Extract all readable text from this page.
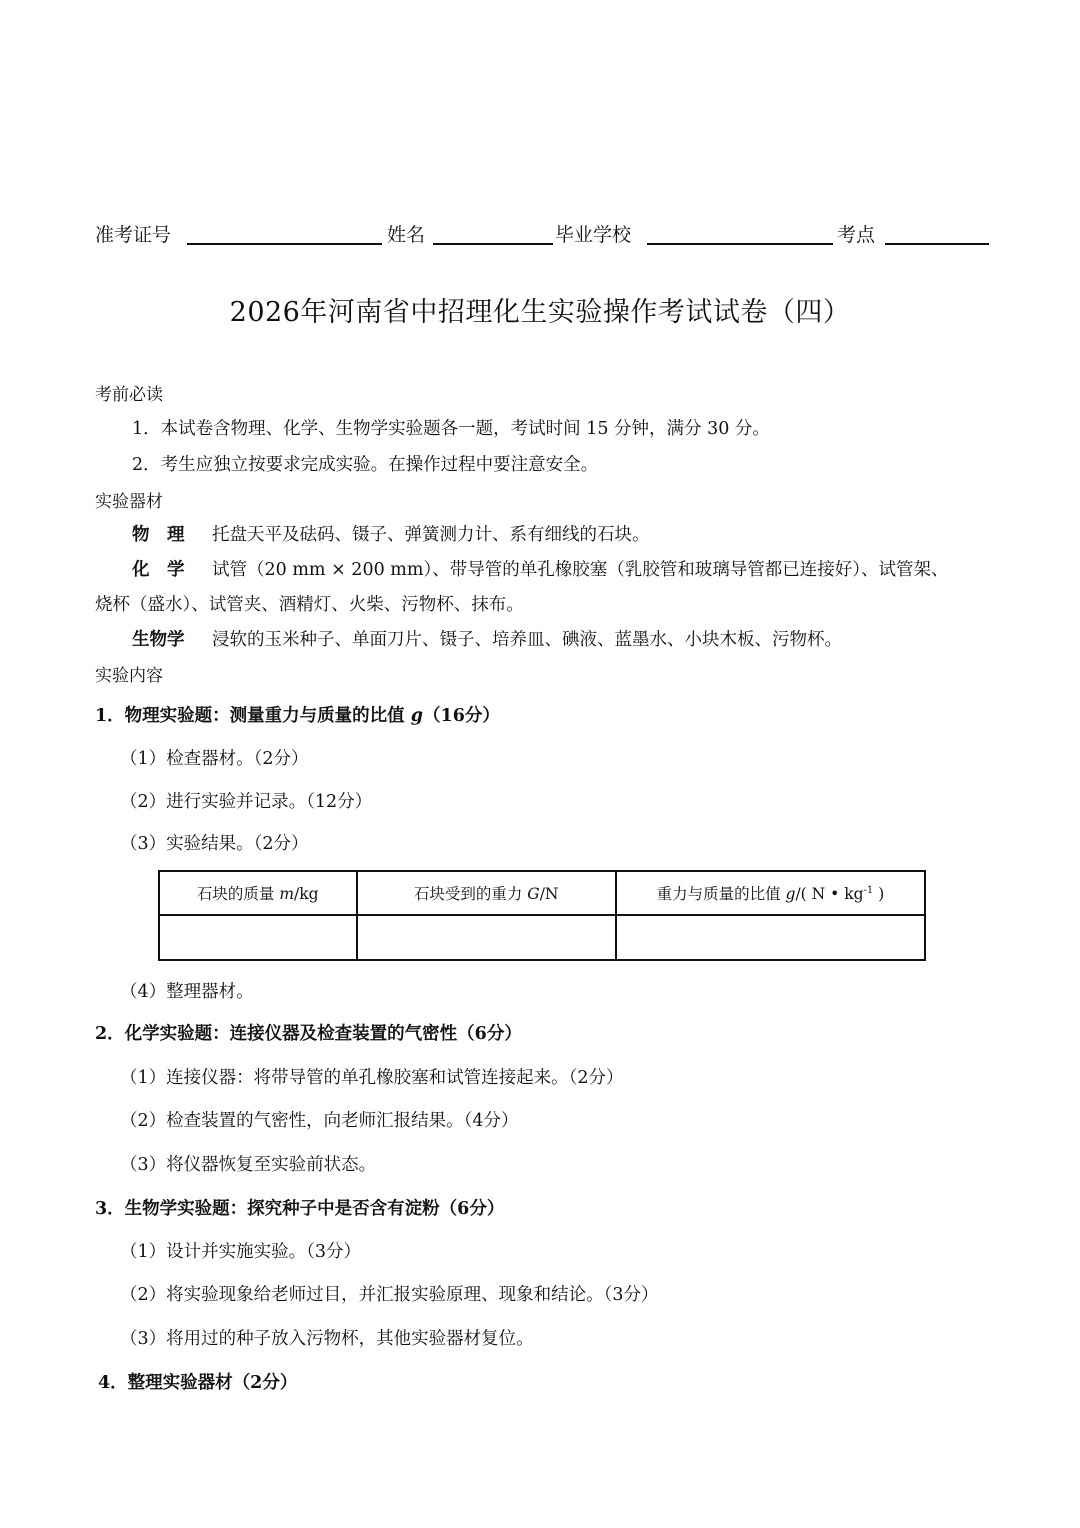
准考证号	姓名	毕业学校	考点
2026年河南省中招理化生实验操作考试试卷（四）
考前必读
1．本试卷含物理、化学、生物学实验题各一题，考试时间 15 分钟，满分 30 分。
2．考生应独立按要求完成实验。在操作过程中要注意安全。
实验器材
物　理 托盘天平及砝码、镊子、弹簧测力计、系有细线的石块。
化　学 试管（20 mm × 200 mm）、带导管的单孔橡胶塞（乳胶管和玻璃导管都已连接好）、试管架、
烧杯（盛水）、试管夹、酒精灯、火柴、污物杯、抹布。
生物学 浸软的玉米种子、单面刀片、镊子、培养皿、碘液、蓝墨水、小块木板、污物杯。
实验内容
1．物理实验题：测量重力与质量的比值 g（16分）
（1）检查器材。（2分）
（2）进行实验并记录。（12分）
（3）实验结果。（2分）
石块的质量 m/kg	石块受到的重力 G/N	重力与质量的比值 g/( N • $kg^{-1}$ )

（4）整理器材。
2．化学实验题：连接仪器及检查装置的气密性（6分）
（1）连接仪器：将带导管的单孔橡胶塞和试管连接起来。（2分）
（2）检查装置的气密性，向老师汇报结果。（4分）
（3）将仪器恢复至实验前状态。
3．生物学实验题：探究种子中是否含有淀粉（6分）
（1）设计并实施实验。（3分）
（2）将实验现象给老师过目，并汇报实验原理、现象和结论。（3分）
（3）将用过的种子放入污物杯，其他实验器材复位。
4．整理实验器材（2分）
